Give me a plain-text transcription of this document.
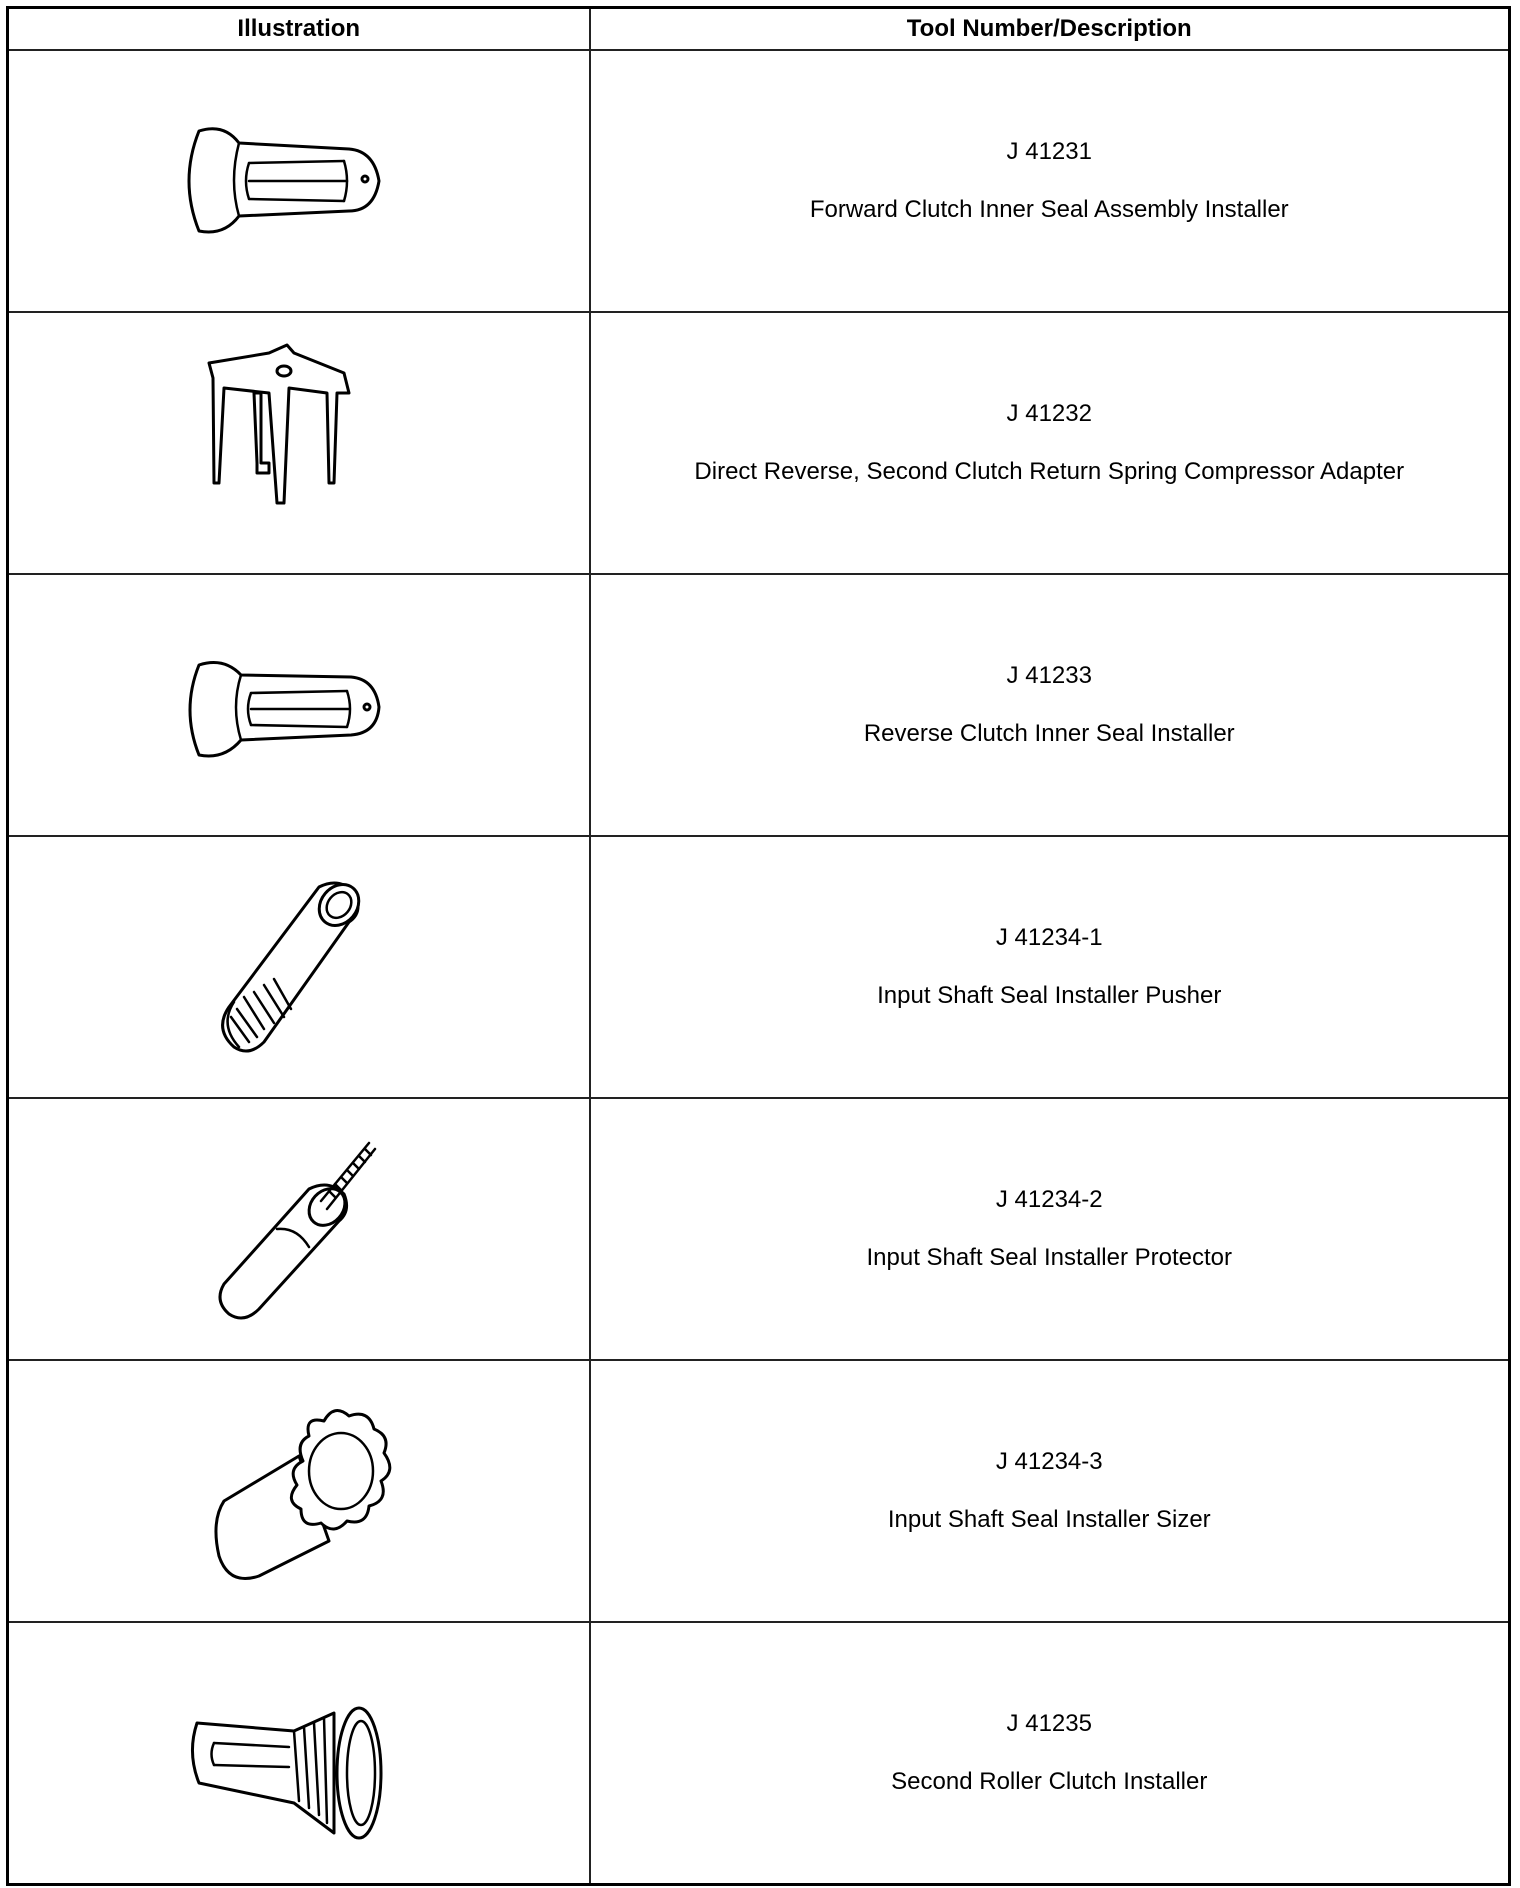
Illustration	Tool Number/Description

J 41231
Forward Clutch Inner Seal Assembly Installer

J 41232
Direct Reverse, Second Clutch Return Spring Compressor Adapter

J 41233
Reverse Clutch Inner Seal Installer

J 41234-1
Input Shaft Seal Installer Pusher

J 41234-2
Input Shaft Seal Installer Protector

J 41234-3
Input Shaft Seal Installer Sizer

J 41235
Second Roller Clutch Installer
